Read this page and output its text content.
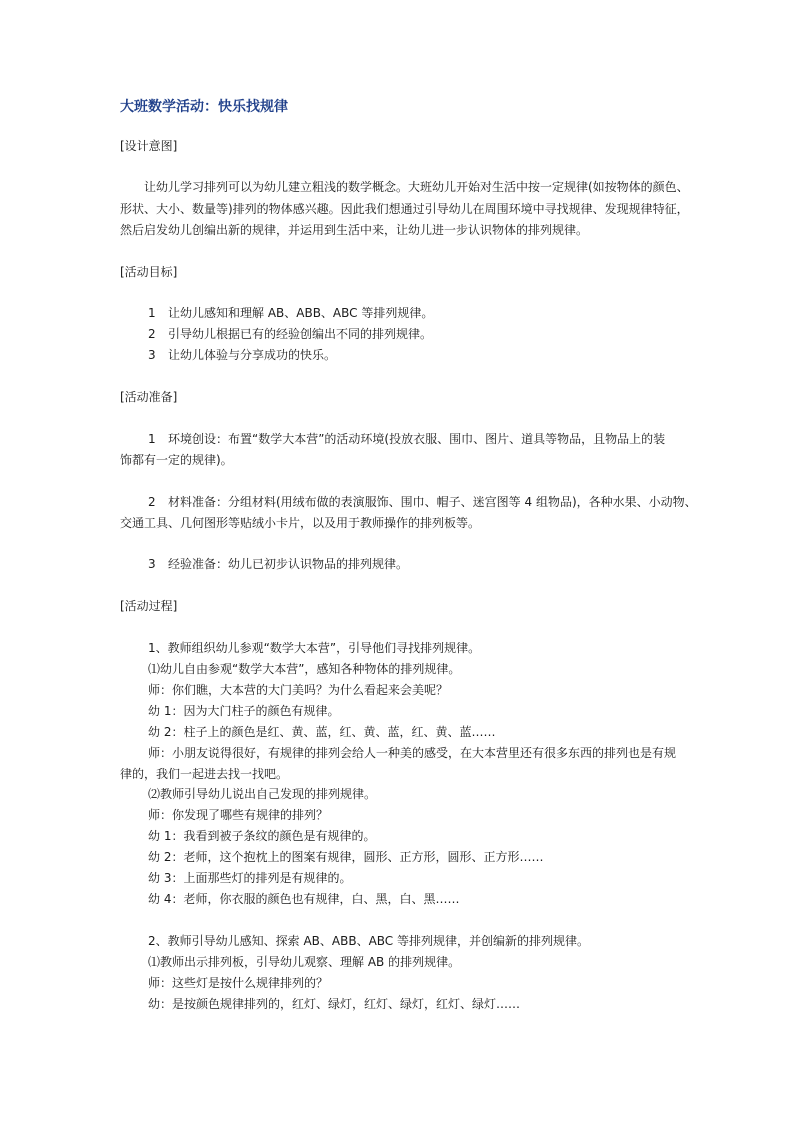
大班数学活动：快乐找规律
[设计意图]
让幼儿学习排列可以为幼儿建立粗浅的数学概念。大班幼儿开始对生活中按一定规律(如按物体的颜色、
形状、大小、数量等)排列的物体感兴趣。因此我们想通过引导幼儿在周围环境中寻找规律、发现规律特征，
然后启发幼儿创编出新的规律，并运用到生活中来，让幼儿进一步认识物体的排列规律。
[活动目标]
1 让幼儿感知和理解 AB、ABB、ABC 等排列规律。
2 引导幼儿根据已有的经验创编出不同的排列规律。
3 让幼儿体验与分享成功的快乐。
[活动准备]
1 环境创设：布置“数学大本营”的活动环境(投放衣服、围巾、图片、道具等物品，且物品上的装
饰都有一定的规律)。
2 材料准备：分组材料(用绒布做的表演服饰、围巾、帽子、迷宫图等 4 组物品)，各种水果、小动物、
交通工具、几何图形等贴绒小卡片，以及用于教师操作的排列板等。
3 经验准备：幼儿已初步认识物品的排列规律。
[活动过程]
1、教师组织幼儿参观“数学大本营”，引导他们寻找排列规律。
⑴幼儿自由参观“数学大本营”，感知各种物体的排列规律。
师：你们瞧，大本营的大门美吗？为什么看起来会美呢？
幼 1：因为大门柱子的颜色有规律。
幼 2：柱子上的颜色是红、黄、蓝，红、黄、蓝，红、黄、蓝……
师：小朋友说得很好，有规律的排列会给人一种美的感受，在大本营里还有很多东西的排列也是有规
律的，我们一起进去找一找吧。
⑵教师引导幼儿说出自己发现的排列规律。
师：你发现了哪些有规律的排列？
幼 1：我看到被子条纹的颜色是有规律的。
幼 2：老师，这个抱枕上的图案有规律，圆形、正方形，圆形、正方形……
幼 3：上面那些灯的排列是有规律的。
幼 4：老师，你衣服的颜色也有规律，白、黑，白、黑……
2、教师引导幼儿感知、探索 AB、ABB、ABC 等排列规律，并创编新的排列规律。
⑴教师出示排列板，引导幼儿观察、理解 AB 的排列规律。
师：这些灯是按什么规律排列的？
幼：是按颜色规律排列的，红灯、绿灯，红灯、绿灯，红灯、绿灯……
